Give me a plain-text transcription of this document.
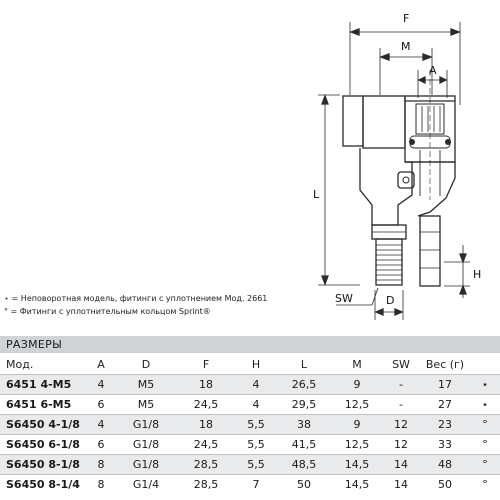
F
M
A
L
H
SW	D
⋆ = Неповоротная модель, фитинги с уплотнением Мод. 2661
° = Фитинги с уплотнительным кольцом Sprint®
РАЗМЕРЫ
Мод.	A	D	F	H	L	M	SW	Вес (г)	
6451 4-M5	4	M5	18	4	26,5	9	-	17	⋆
6451 6-M5	6	M5	24,5	4	29,5	12,5	-	27	⋆
S6450 4-1/8	4	G1/8	18	5,5	38	9	12	23	°
S6450 6-1/8	6	G1/8	24,5	5,5	41,5	12,5	12	33	°
S6450 8-1/8	8	G1/8	28,5	5,5	48,5	14,5	14	48	°
S6450 8-1/4	8	G1/4	28,5	7	50	14,5	14	50	°
